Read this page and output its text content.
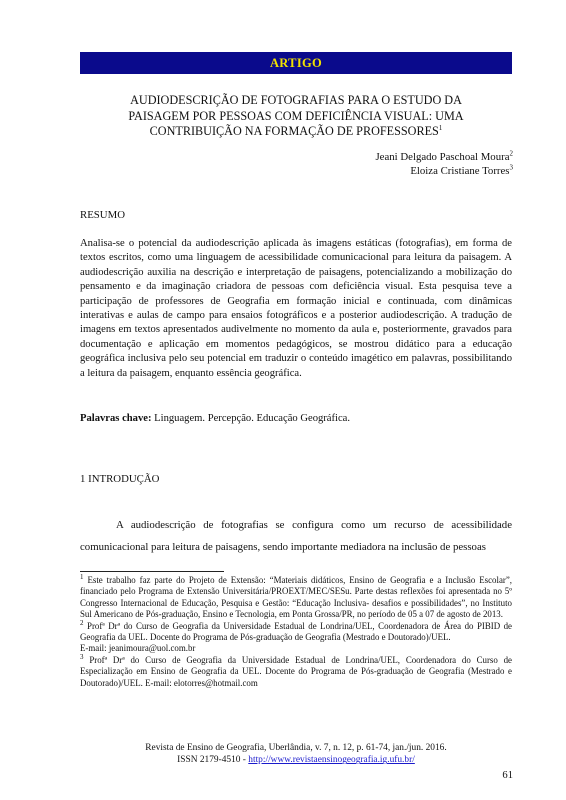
ARTIGO
AUDIODESCRIÇÃO DE FOTOGRAFIAS PARA O ESTUDO DA
PAISAGEM POR PESSOAS COM DEFICIÊNCIA VISUAL: UMA
CONTRIBUIÇÃO NA FORMAÇÃO DE PROFESSORES$^1$
Jeani Delgado Paschoal Moura$^2$
Eloiza Cristiane Torres$^3$
RESUMO
Analisa-se o potencial da audiodescrição aplicada às imagens estáticas (fotografias), em forma de textos escritos, como uma linguagem de acessibilidade comunicacional para leitura da paisagem. A audiodescrição auxilia na descrição e interpretação de paisagens, potencializando a mobilização do pensamento e da imaginação criadora de pessoas com deficiência visual. Esta pesquisa teve a participação de professores de Geografia em formação inicial e continuada, com dinâmicas interativas e aulas de campo para ensaios fotográficos e a posterior audiodescrição. A tradução de imagens em textos apresentados audivelmente no momento da aula e, posteriormente, gravados para documentação e aplicação em momentos pedagógicos, se mostrou didático para a educação geográfica inclusiva pelo seu potencial em traduzir o conteúdo imagético em palavras, possibilitando a leitura da paisagem, enquanto essência geográfica.
Palavras chave: Linguagem. Percepção. Educação Geográfica.
1 INTRODUÇÃO
A audiodescrição de fotografias se configura como um recurso de acessibilidade comunicacional para leitura de paisagens, sendo importante mediadora na inclusão de pessoas

$^1$ Este trabalho faz parte do Projeto de Extensão: “Materiais didáticos, Ensino de Geografia e a Inclusão Escolar”, financiado pelo Programa de Extensão Universitária/PROEXT/MEC/SESu. Parte destas reflexões foi apresentada no 5º Congresso Internacional de Educação, Pesquisa e Gestão: “Educação Inclusiva- desafios e possibilidades”, no Instituto Sul Americano de Pós-graduação, Ensino e Tecnologia, em Ponta Grossa/PR, no período de 05 a 07 de agosto de 2013.

$^2$ Profª Drª do Curso de Geografia da Universidade Estadual de Londrina/UEL, Coordenadora de Área do PIBID de Geografia da UEL. Docente do Programa de Pós-graduação de Geografia (Mestrado e Doutorado)/UEL.
E-mail: jeanimoura@uol.com.br

$^3$ Profª Drª do Curso de Geografia da Universidade Estadual de Londrina/UEL, Coordenadora do Curso de Especialização em Ensino de Geografia da UEL. Docente do Programa de Pós-graduação de Geografia (Mestrado e Doutorado)/UEL. E-mail: elotorres@hotmail.com

Revista de Ensino de Geografia, Uberlândia, v. 7, n. 12, p. 61-74, jan./jun. 2016.
ISSN 2179-4510 - http://www.revistaensinogeografia.ig.ufu.br/
61
